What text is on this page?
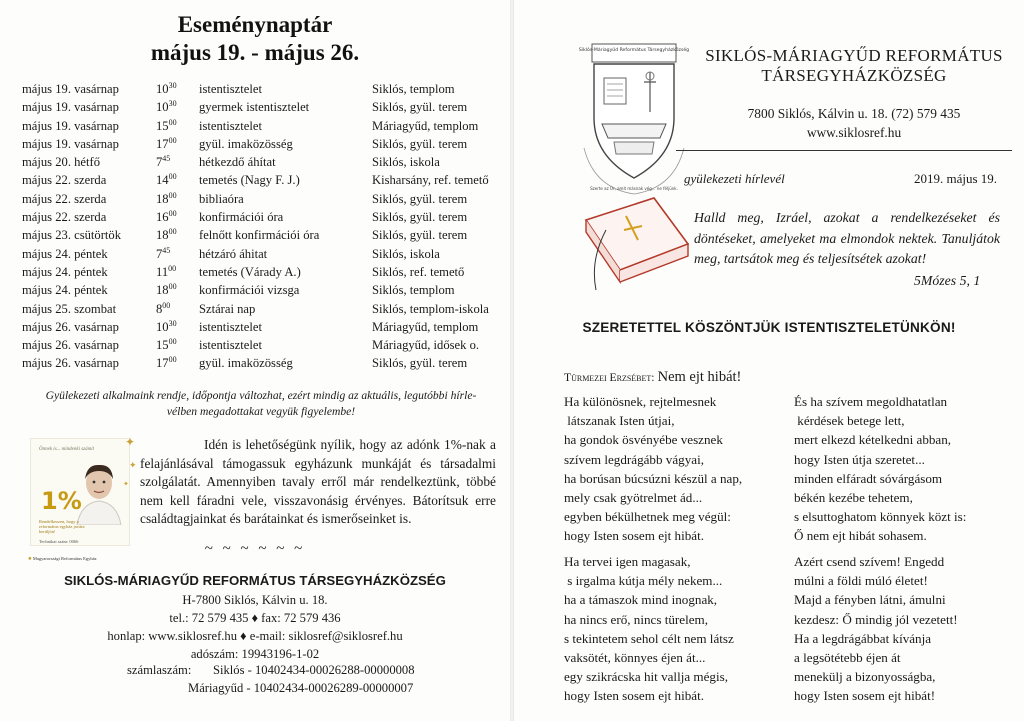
Eseménynaptár
május 19. - május 26.
május 19. vasárnap	$10^{30}$ istentisztelet	Siklós, templom
május 19. vasárnap	$10^{30}$ gyermek istentisztelet	Siklós, gyül. terem
május 19. vasárnap	$15^{00}$ istentisztelet	Máriagyűd, templom
május 19. vasárnap	$17^{00}$ gyül. imaközösség	Siklós, gyül. terem
május 20. hétfő	$7^{45}$ hétkezdő áhítat	Siklós, iskola
május 22. szerda	$14^{00}$ temetés (Nagy F. J.)	Kisharsány, ref. temető
május 22. szerda	$18^{00}$ bibliaóra	Siklós, gyül. terem
május 22. szerda	$16^{00}$ konfirmációi óra	Siklós, gyül. terem
május 23. csütörtök	$18^{00}$ felnőtt konfirmációi óra	Siklós, gyül. terem
május 24. péntek	$7^{45}$ hétzáró áhitat	Siklós, iskola
május 24. péntek	$11^{00}$ temetés (Várady A.)	Siklós, ref. temető
május 24. péntek	$18^{00}$ konfirmációi vizsga	Siklós, templom
május 25. szombat	$8^{00}$ Sztárai nap	Siklós, templom-iskola
május 26. vasárnap	$10^{30}$ istentisztelet	Máriagyűd, templom
május 26. vasárnap	$15^{00}$ istentisztelet	Máriagyűd, idősek o.
május 26. vasárnap	$17^{00}$ gyül. imaközösség	Siklós, gyül. terem
Gyülekezeti alkalmaink rendje, időpontja változhat, ezért mindig az aktuális, legutóbbi hírle-
vélben megadottakat vegyük figyelembe!
Önnek is... mindenki számít
1%
Rendelkezzen, hogy a református egyház javára kerüljön!
Technikai szám: 0066
✹ Magyarországi Református Egyház
✦
✦
✦
Idén is lehetőségünk nyílik, hogy az adónk 1%-nak a felajánlásával támogassuk egyházunk munkáját és társadalmi szolgálatát. Amennyiben tavaly erről már rendelkeztünk, többé nem kell fáradni vele, visszavonásig érvényes. Bátorítsuk erre családtagjainkat és barátainkat és ismerőseinket is.
~ ~ ~ ~ ~ ~
SIKLÓS-MÁRIAGYŰD REFORMÁTUS TÁRSEGYHÁZKÖZSÉG
H-7800 Siklós, Kálvin u. 18.
tel.: 72 579 435 ♦ fax: 72 579 436
honlap: www.siklosref.hu ♦ e-mail: siklosref@siklosref.hu
adószám: 19943196-1-02
számlaszám: Siklós - 10402434-00026288-00000008
Máriagyűd - 10402434-00026289-00000007
Siklós-Máriagyűd Református Társegyházközség
Szerte az Úr, amit másnak vég... ne féljünk.
SIKLÓS-MÁRIAGYŰD REFORMÁTUS
TÁRSEGYHÁZKÖZSÉG
7800 Siklós, Kálvin u. 18. (72) 579 435
www.siklosref.hu
gyülekezeti hírlevél	2019. május 19.
Halld meg, Izráel, azokat a rendelkezéseket és döntéseket, amelyeket ma elmondok nektek. Tanuljátok meg, tartsátok meg és teljesítsétek azokat!
5Mózes 5, 1
SZERETETTEL KÖSZÖNTJÜK ISTENTISZTELETÜNKÖN!
Türmezei Erzsébet: Nem ejt hibát!
Ha különösnek, rejtelmesnek
látszanak Isten útjai,
ha gondok ösvényébe vesznek
szívem legdrágább vágyai,
ha borúsan búcsúzni készül a nap,
mely csak gyötrelmet ád...
egyben békülhetnek meg végül:
hogy Isten sosem ejt hibát.
És ha szívem megoldhatatlan
kérdések betege lett,
mert elkezd kételkedni abban,
hogy Isten útja szeretet...
minden elfáradt sóvárgásom
békén kezébe tehetem,
s elsuttoghatom könnyek közt is:
Ő nem ejt hibát sohasem.
Ha tervei igen magasak,
s irgalma kútja mély nekem...
ha a támaszok mind inognak,
ha nincs erő, nincs türelem,
s tekintetem sehol célt nem látsz
vaksötét, könnyes éjen át...
egy szikrácska hit vallja mégis,
hogy Isten sosem ejt hibát.
Azért csend szívem! Engedd
múlni a földi múló életet!
Majd a fényben látni, ámulni
kezdesz: Ő mindig jól vezetett!
Ha a legdrágábbat kívánja
a legsötétebb éjen át
menekülj a bizonyosságba,
hogy Isten sosem ejt hibát!
